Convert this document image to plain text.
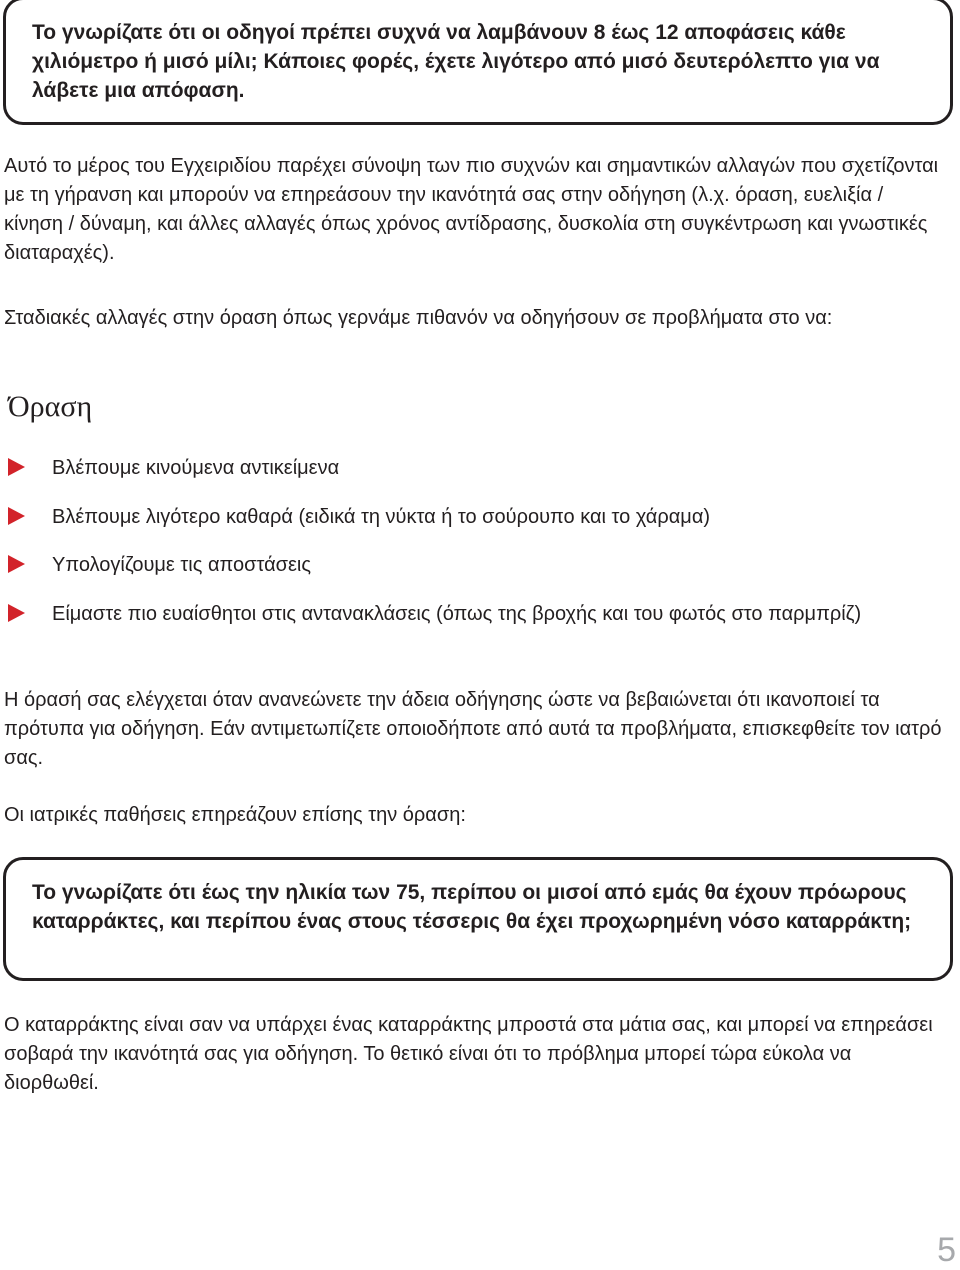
Το γνωρίζατε ότι οι οδηγοί πρέπει συχνά να λαμβάνουν 8 έως 12 αποφάσεις κάθε χιλιόμετρο ή μισό μίλι; Κάποιες φορές, έχετε λιγότερο από μισό δευτερόλεπτο για να λάβετε μια απόφαση.

Αυτό το μέρος του Εγχειριδίου παρέχει σύνοψη των πιο συχνών και σημαντικών αλλαγών που σχετίζονται με τη γήρανση και μπορούν να επηρεάσουν την ικανότητά σας στην οδήγηση (λ.χ. όραση, ευελιξία / κίνηση / δύναμη, και άλλες αλλαγές όπως χρόνος αντίδρασης, δυσκολία στη συγκέντρωση και γνωστικές διαταραχές).

Σταδιακές αλλαγές στην όραση όπως γερνάμε πιθανόν να οδηγήσουν σε προβλήματα στο να:

Όραση
Βλέπουμε κινούμενα αντικείμενα
Βλέπουμε λιγότερο καθαρά (ειδικά τη νύκτα ή το σούρουπο και το χάραμα)
Υπολογίζουμε τις αποστάσεις
Είμαστε πιο ευαίσθητοι στις αντανακλάσεις (όπως της βροχής και του φωτός στο παρμπρίζ)

Η όρασή σας ελέγχεται όταν ανανεώνετε την άδεια οδήγησης ώστε να βεβαιώνεται ότι ικανοποιεί τα πρότυπα για οδήγηση. Εάν αντιμετωπίζετε οποιοδήποτε από αυτά τα προβλήματα, επισκεφθείτε τον ιατρό σας.

Οι ιατρικές παθήσεις επηρεάζουν επίσης την όραση:

Το γνωρίζατε ότι έως την ηλικία των 75, περίπου οι μισοί από εμάς θα έχουν πρόωρους καταρράκτες, και περίπου ένας στους τέσσερις θα έχει προχωρημένη νόσο καταρράκτη;

Ο καταρράκτης είναι σαν να υπάρχει ένας καταρράκτης μπροστά στα μάτια σας, και μπορεί να επηρεάσει σοβαρά την ικανότητά σας για οδήγηση. Το θετικό είναι ότι το πρόβλημα μπορεί τώρα εύκολα να διορθωθεί.

5
